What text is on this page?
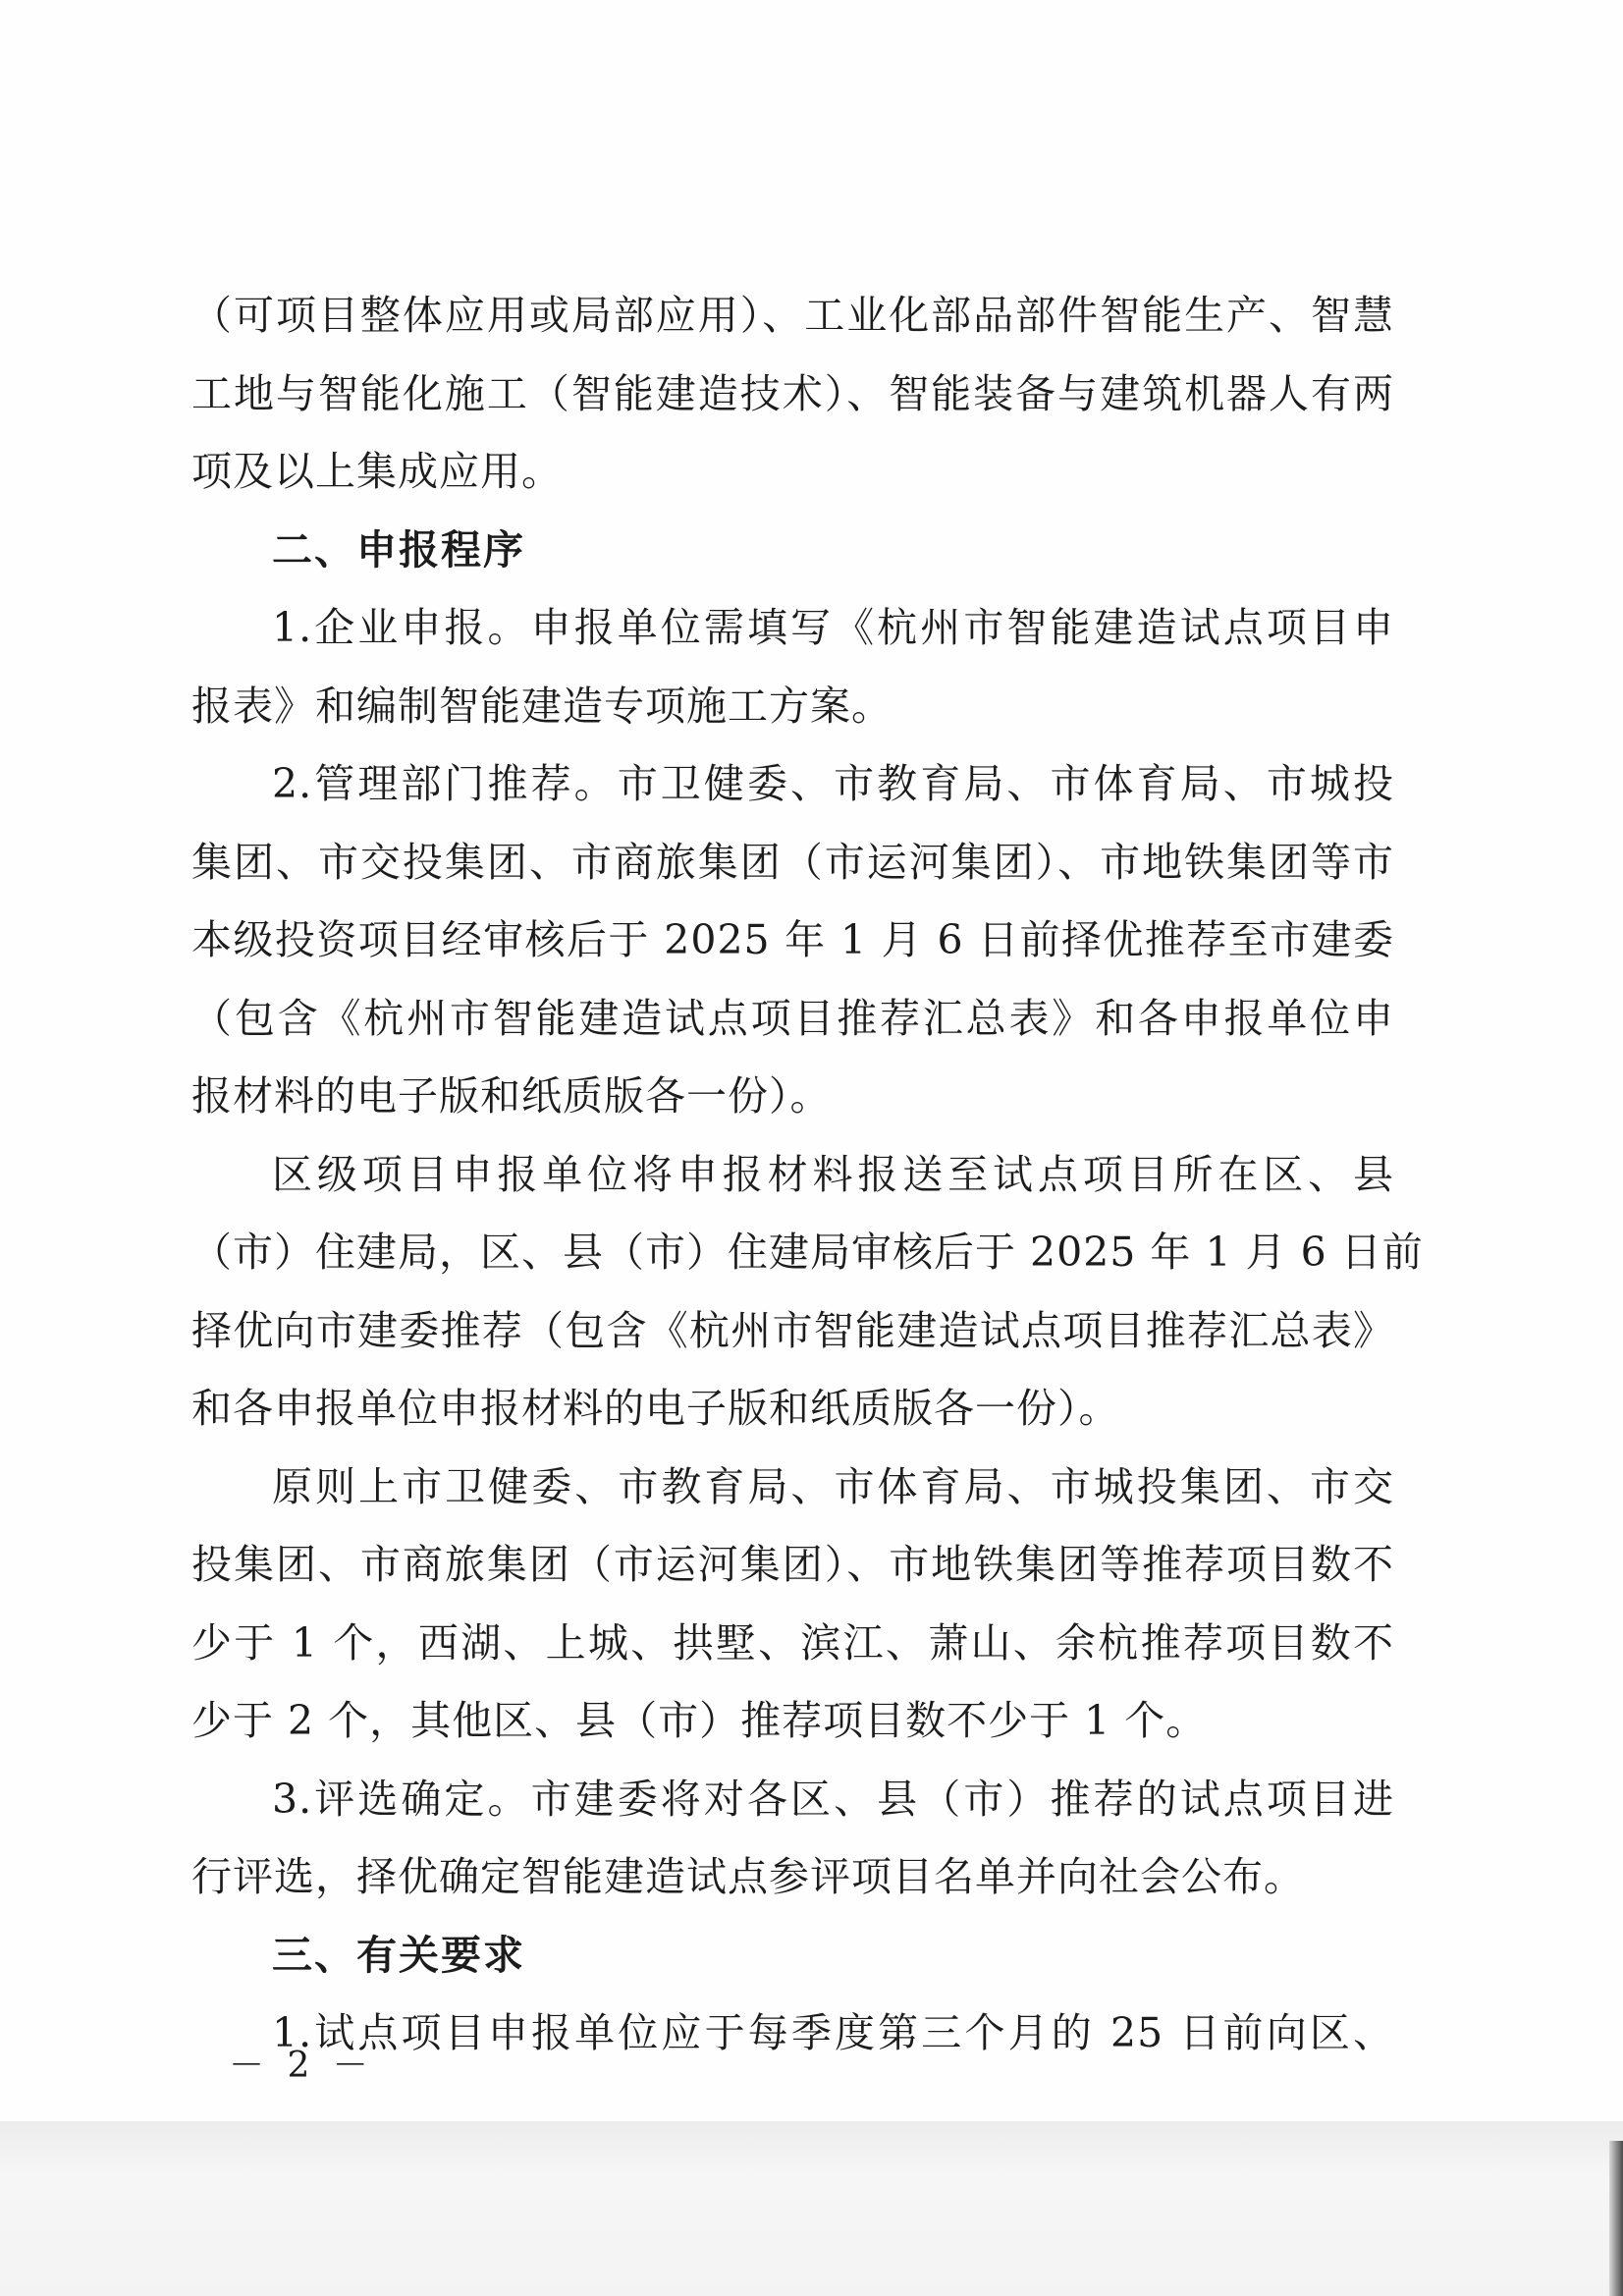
（可项目整体应用或局部应用）、工业化部品部件智能生产、智慧
工地与智能化施工（智能建造技术）、智能装备与建筑机器人有两
项及以上集成应用。
二、申报程序
1.企业申报。申报单位需填写《杭州市智能建造试点项目申
报表》和编制智能建造专项施工方案。
2.管理部门推荐。市卫健委、市教育局、市体育局、市城投
集团、市交投集团、市商旅集团（市运河集团）、市地铁集团等市
本级投资项目经审核后于 2025 年 1 月 6 日前择优推荐至市建委
（包含《杭州市智能建造试点项目推荐汇总表》和各申报单位申
报材料的电子版和纸质版各一份）。
区级项目申报单位将申报材料报送至试点项目所在区、县
（市）住建局，区、县（市）住建局审核后于 2025 年 1 月 6 日前
择优向市建委推荐（包含《杭州市智能建造试点项目推荐汇总表》
和各申报单位申报材料的电子版和纸质版各一份）。
原则上市卫健委、市教育局、市体育局、市城投集团、市交
投集团、市商旅集团（市运河集团）、市地铁集团等推荐项目数不
少于 1 个，西湖、上城、拱墅、滨江、萧山、余杭推荐项目数不
少于 2 个，其他区、县（市）推荐项目数不少于 1 个。
3.评选确定。市建委将对各区、县（市）推荐的试点项目进
行评选，择优确定智能建造试点参评项目名单并向社会公布。
三、有关要求
1.试点项目申报单位应于每季度第三个月的 25 日前向区、
－ 2 －
